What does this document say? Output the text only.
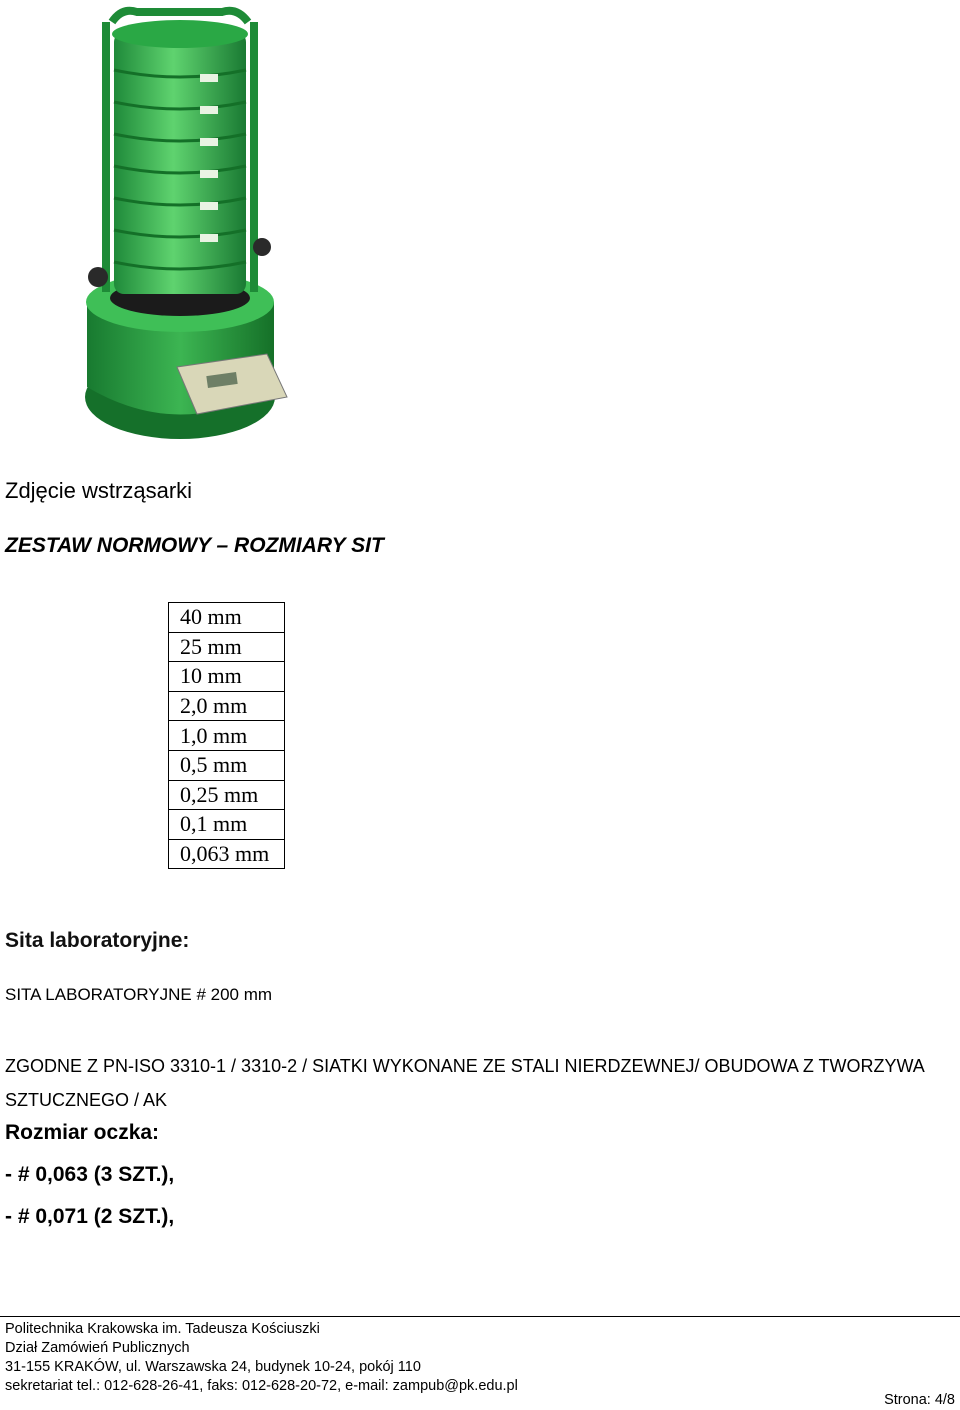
Zdjęcie wstrząsarki
ZESTAW NORMOWY – ROZMIARY SIT
40 mm
25 mm
10 mm
2,0 mm
1,0 mm
0,5 mm
0,25 mm
0,1 mm
0,063 mm
Sita laboratoryjne:
SITA LABORATORYJNE # 200 mm
ZGODNE Z PN-ISO 3310-1 / 3310-2 / SIATKI WYKONANE ZE STALI NIERDZEWNEJ/ OBUDOWA Z TWORZYWA SZTUCZNEGO / AK
Rozmiar oczka:
- # 0,063 (3 SZT.),
- # 0,071 (2 SZT.),
Politechnika Krakowska im. Tadeusza Kościuszki
Dział Zamówień Publicznych
31-155 KRAKÓW, ul. Warszawska 24, budynek 10-24, pokój 110
sekretariat tel.: 012-628-26-41, faks: 012-628-20-72, e-mail: zampub@pk.edu.pl
Strona: 4/8
